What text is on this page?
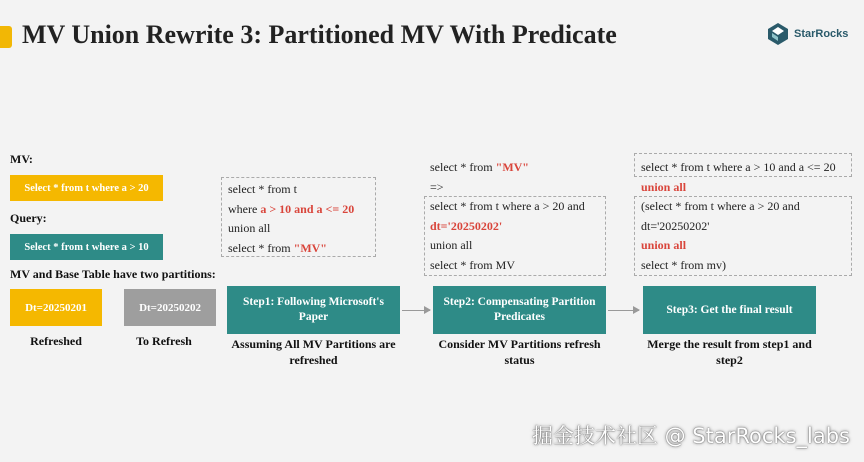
MV Union Rewrite 3: Partitioned MV With Predicate	StarRocks
MV:
Select * from t where a > 20
Query:
Select * from t where a > 10
MV and Base Table have two partitions:
Dt=20250201	Dt=20250202
Refreshed	To Refresh
select * from t
where a > 10 and a <= 20
union all
select * from "MV"
select * from "MV"
=>
select * from t where a > 20 and
dt='20250202'
union all
select * from MV
select * from t where a > 10 and a <= 20
union all
(select * from t where a > 20 and
dt='20250202'
union all
select * from mv)
Step1: Following Microsoft's Paper
Step2: Compensating Partition Predicates
Step3: Get the final result
Assuming All MV Partitions are refreshed
Consider MV Partitions refresh status
Merge the result from step1 and step2
掘金技术社区 @ StarRocks_labs
